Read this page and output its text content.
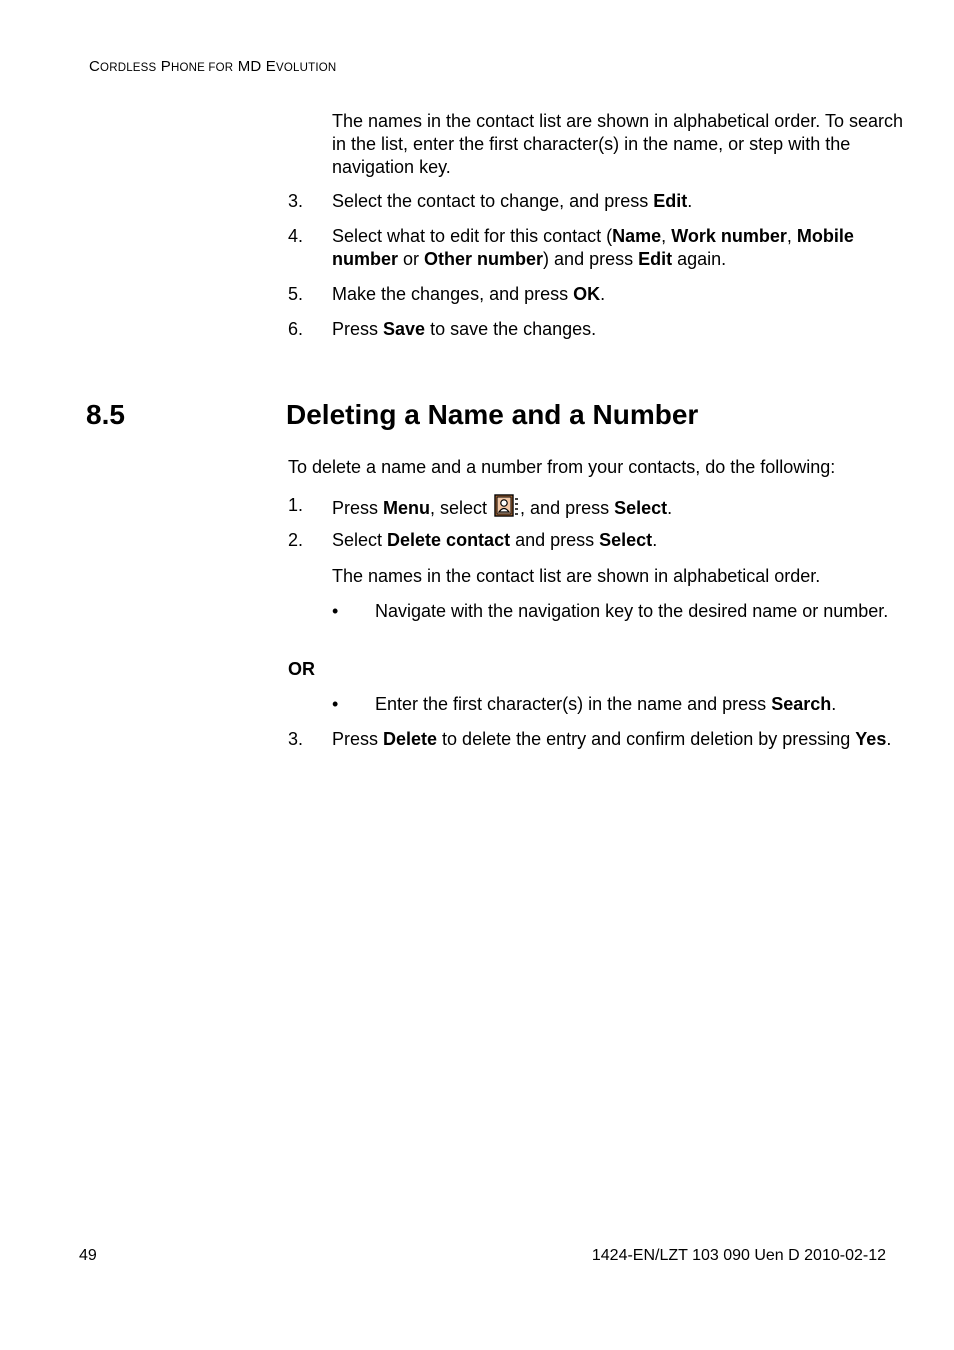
CORDLESS PHONE FOR MD EVOLUTION
The names in the contact list are shown in alphabetical order. To search in the list, enter the first character(s) in the name, or step with the navigation key.
3. Select the contact to change, and press Edit.
4. Select what to edit for this contact (Name, Work number, Mobile number or Other number) and press Edit again.
5. Make the changes, and press OK.
6. Press Save to save the changes.
8.5	Deleting a Name and a Number
To delete a name and a number from your contacts, do the following:
1. Press Menu, select , and press Select.
2. Select Delete contact and press Select.
The names in the contact list are shown in alphabetical order.
• Navigate with the navigation key to the desired name or number.
OR
• Enter the first character(s) in the name and press Search.
3. Press Delete to delete the entry and confirm deletion by pressing Yes.
49	1424-EN/LZT 103 090 Uen D 2010-02-12
